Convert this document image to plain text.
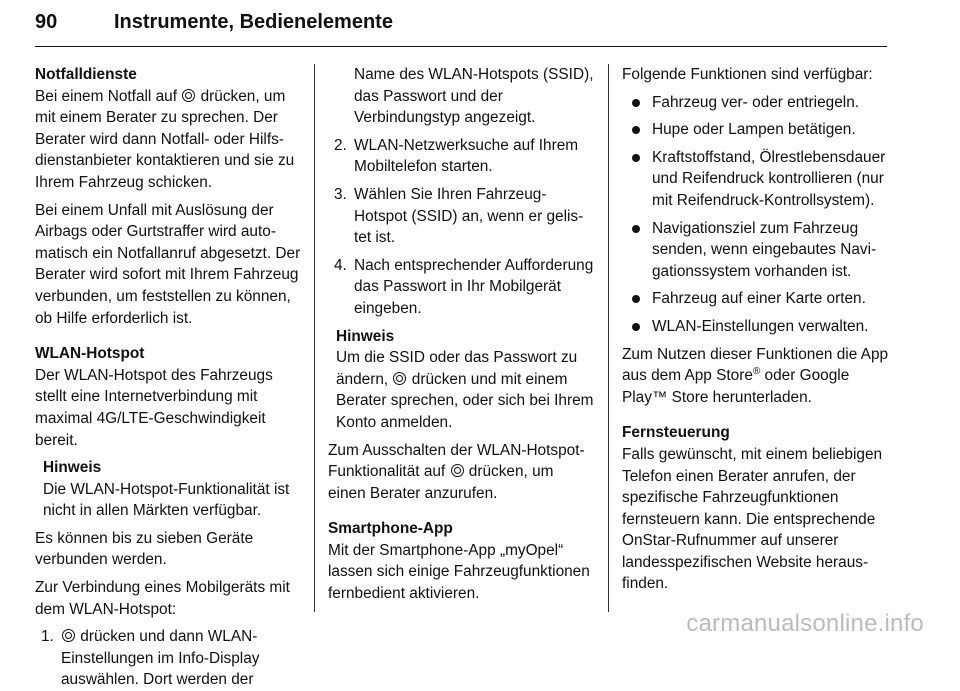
90	Instrumente, Bedienelemente
Notfalldienste
Bei einem Notfall auf drücken, um mit einem Berater zu sprechen. Der Berater wird dann Notfall- oder Hilfsdienstanbieter kontaktieren und sie zu Ihrem Fahrzeug schicken.
Bei einem Unfall mit Auslösung der Airbags oder Gurtstraffer wird automatisch ein Notfallanruf abgesetzt. Der Berater wird sofort mit Ihrem Fahrzeug verbunden, um feststellen zu können, ob Hilfe erforderlich ist.
WLAN-Hotspot
Der WLAN-Hotspot des Fahrzeugs stellt eine Internetverbindung mit maximal 4G/LTE-Geschwindigkeit bereit.
Hinweis
Die WLAN-Hotspot-Funktionalität ist nicht in allen Märkten verfügbar.
Es können bis zu sieben Geräte verbunden werden.
Zur Verbindung eines Mobilgeräts mit dem WLAN-Hotspot:
1. drücken und dann WLAN-Einstellungen im Info-Display auswählen. Dort werden der
Name des WLAN-Hotspots (SSID), das Passwort und der Verbindungstyp angezeigt.
2. WLAN-Netzwerksuche auf Ihrem Mobiltelefon starten.
3. Wählen Sie Ihren Fahrzeug-Hotspot (SSID) an, wenn er gelistet ist.
4. Nach entsprechender Aufforderung das Passwort in Ihr Mobilgerät eingeben.
Hinweis
Um die SSID oder das Passwort zu ändern, drücken und mit einem Berater sprechen, oder sich bei Ihrem Konto anmelden.
Zum Ausschalten der WLAN-Hotspot-Funktionalität auf drücken, um einen Berater anzurufen.
Smartphone-App
Mit der Smartphone-App „myOpel“ lassen sich einige Fahrzeugfunktionen fernbedient aktivieren.
Folgende Funktionen sind verfügbar:
Fahrzeug ver- oder entriegeln.
Hupe oder Lampen betätigen.
Kraftstoffstand, Ölrestlebensdauer und Reifendruck kontrollieren (nur mit Reifendruck-Kontrollsystem).
Navigationsziel zum Fahrzeug senden, wenn eingebautes Navigationssystem vorhanden ist.
Fahrzeug auf einer Karte orten.
WLAN-Einstellungen verwalten.
Zum Nutzen dieser Funktionen die App aus dem App Store® oder Google Play™ Store herunterladen.
Fernsteuerung
Falls gewünscht, mit einem beliebigen Telefon einen Berater anrufen, der spezifische Fahrzeugfunktionen fernsteuern kann. Die entsprechende OnStar-Rufnummer auf unserer landesspezifischen Website herausfinden.
carmanualsonline.info
